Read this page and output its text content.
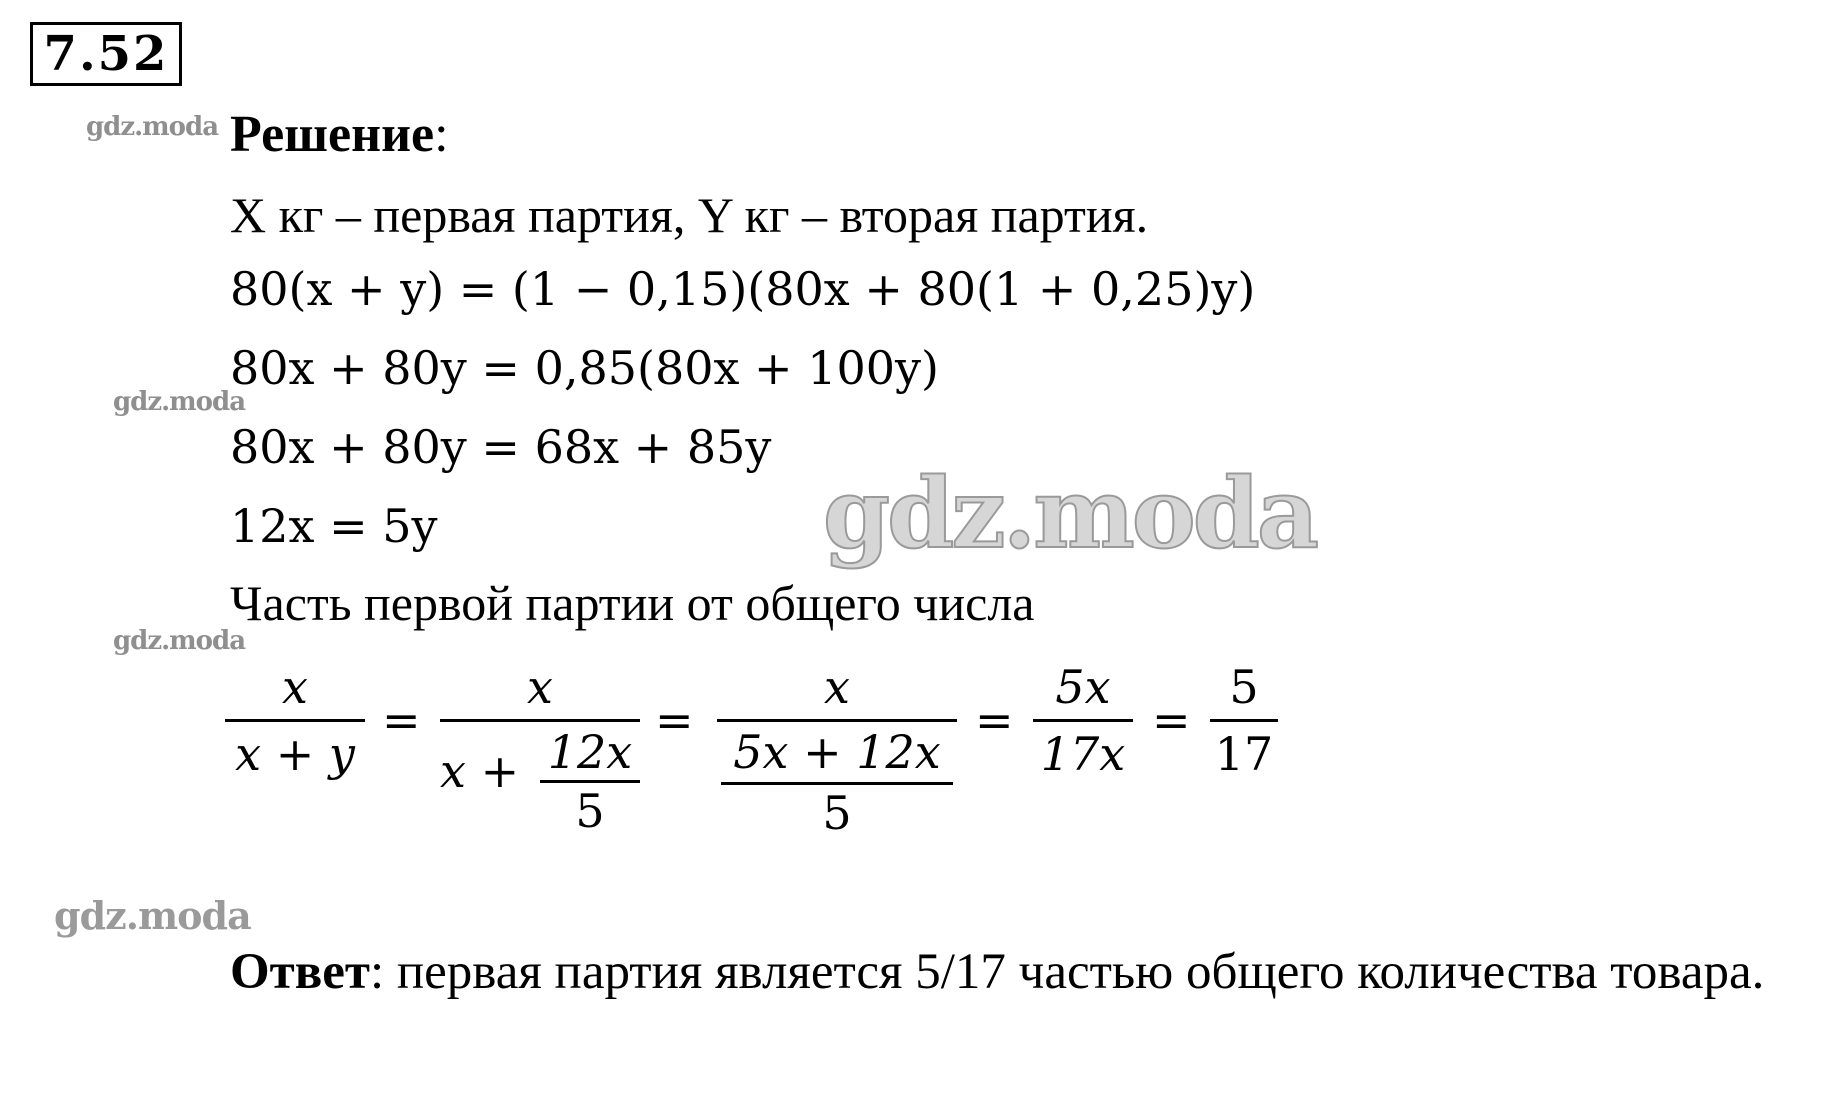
7.52
gdz.moda
gdz.moda
gdz.moda
gdz.moda
gdz.moda
Решение:
X кг – первая партия, Y кг – вторая партия.
80(x + y) = (1 − 0,15)(80x + 80(1 + 0,25)y)
80x + 80y = 0,85(80x + 100y)
80x + 80y = 68x + 85y
12x = 5y
Часть первой партии от общего числа
x
x + y
=
x
x + 12x
5
=
x
5x + 12x
5
=
5x
17x
=
5
17
Ответ: первая партия является 5/17 частью общего количества товара.
